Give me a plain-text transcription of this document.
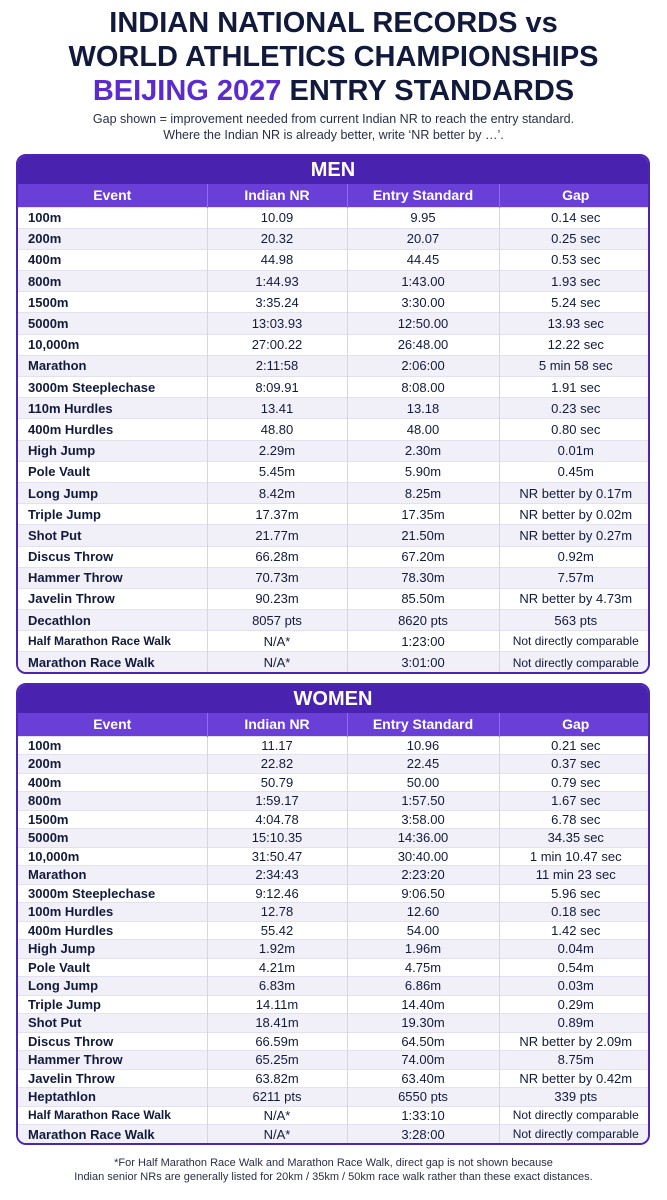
INDIAN NATIONAL RECORDS vs
WORLD ATHLETICS CHAMPIONSHIPS
BEIJING 2027 ENTRY STANDARDS
Gap shown = improvement needed from current Indian NR to reach the entry standard.
Where the Indian NR is already better, write ‘NR better by …’.
MEN
Event	Indian NR	Entry Standard	Gap
100m	10.09	9.95	0.14 sec
200m	20.32	20.07	0.25 sec
400m	44.98	44.45	0.53 sec
800m	1:44.93	1:43.00	1.93 sec
1500m	3:35.24	3:30.00	5.24 sec
5000m	13:03.93	12:50.00	13.93 sec
10,000m	27:00.22	26:48.00	12.22 sec
Marathon	2:11:58	2:06:00	5 min 58 sec
3000m Steeplechase	8:09.91	8:08.00	1.91 sec
110m Hurdles	13.41	13.18	0.23 sec
400m Hurdles	48.80	48.00	0.80 sec
High Jump	2.29m	2.30m	0.01m
Pole Vault	5.45m	5.90m	0.45m
Long Jump	8.42m	8.25m	NR better by 0.17m
Triple Jump	17.37m	17.35m	NR better by 0.02m
Shot Put	21.77m	21.50m	NR better by 0.27m
Discus Throw	66.28m	67.20m	0.92m
Hammer Throw	70.73m	78.30m	7.57m
Javelin Throw	90.23m	85.50m	NR better by 4.73m
Decathlon	8057 pts	8620 pts	563 pts
Half Marathon Race Walk	N/A*	1:23:00	Not directly comparable
Marathon Race Walk	N/A*	3:01:00	Not directly comparable
WOMEN
Event	Indian NR	Entry Standard	Gap
100m	11.17	10.96	0.21 sec
200m	22.82	22.45	0.37 sec
400m	50.79	50.00	0.79 sec
800m	1:59.17	1:57.50	1.67 sec
1500m	4:04.78	3:58.00	6.78 sec
5000m	15:10.35	14:36.00	34.35 sec
10,000m	31:50.47	30:40.00	1 min 10.47 sec
Marathon	2:34:43	2:23:20	11 min 23 sec
3000m Steeplechase	9:12.46	9:06.50	5.96 sec
100m Hurdles	12.78	12.60	0.18 sec
400m Hurdles	55.42	54.00	1.42 sec
High Jump	1.92m	1.96m	0.04m
Pole Vault	4.21m	4.75m	0.54m
Long Jump	6.83m	6.86m	0.03m
Triple Jump	14.11m	14.40m	0.29m
Shot Put	18.41m	19.30m	0.89m
Discus Throw	66.59m	64.50m	NR better by 2.09m
Hammer Throw	65.25m	74.00m	8.75m
Javelin Throw	63.82m	63.40m	NR better by 0.42m
Heptathlon	6211 pts	6550 pts	339 pts
Half Marathon Race Walk	N/A*	1:33:10	Not directly comparable
Marathon Race Walk	N/A*	3:28:00	Not directly comparable
*For Half Marathon Race Walk and Marathon Race Walk, direct gap is not shown because
Indian senior NRs are generally listed for 20km / 35km / 50km race walk rather than these exact distances.
